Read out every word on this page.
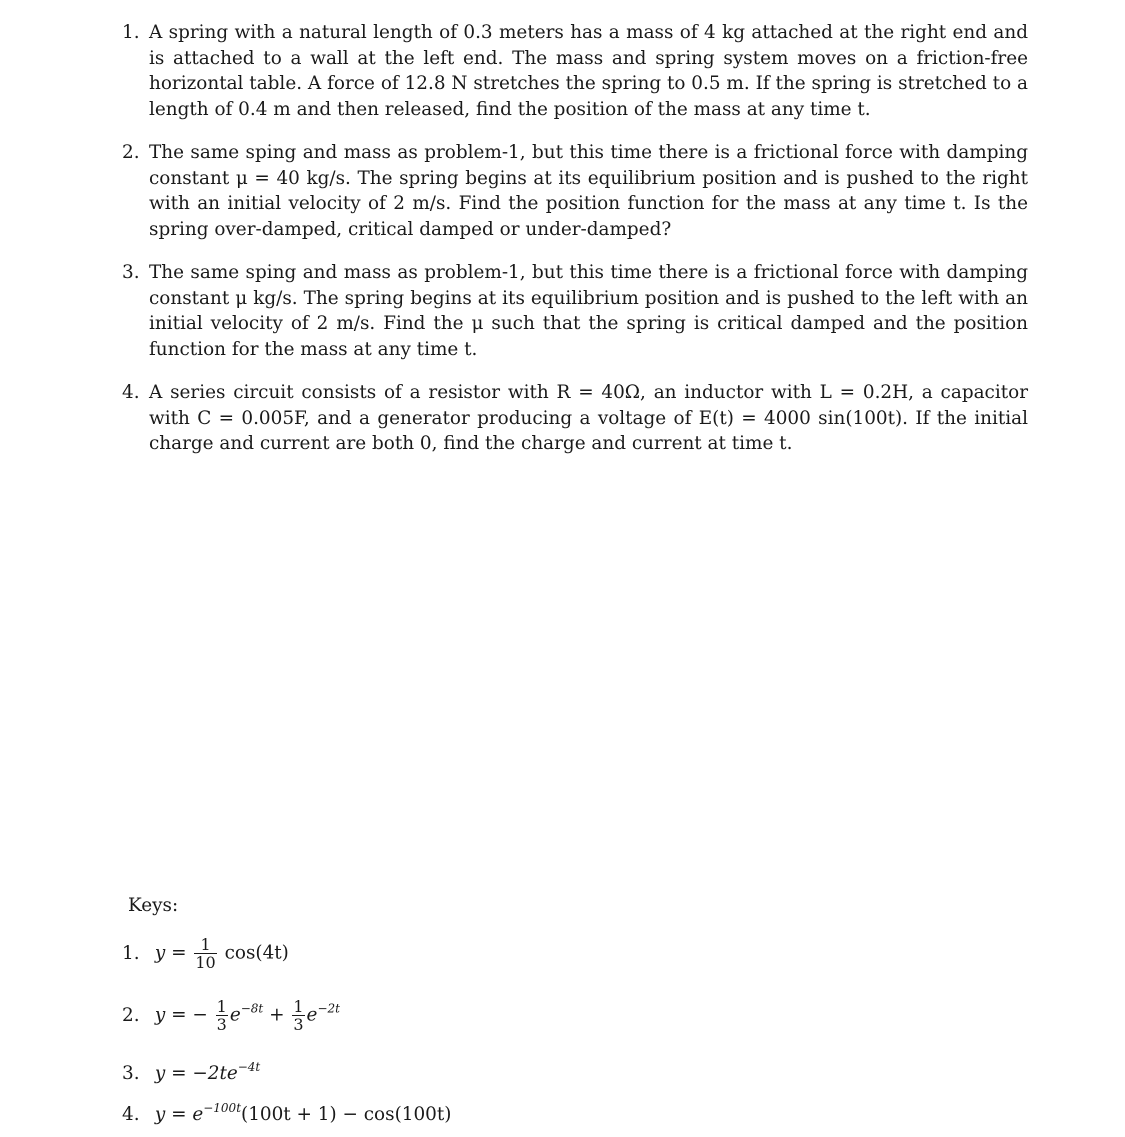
1. A spring with a natural length of 0.3 meters has a mass of 4 kg attached at the right end and is attached to a wall at the left end. The mass and spring system moves on a friction-free horizontal table. A force of 12.8 N stretches the spring to 0.5 m. If the spring is stretched to a length of 0.4 m and then released, find the position of the mass at any time t.
2. The same sping and mass as problem-1, but this time there is a frictional force with damping constant μ = 40 kg/s. The spring begins at its equilibrium position and is pushed to the right with an initial velocity of 2 m/s. Find the position function for the mass at any time t. Is the spring over-damped, critical damped or under-damped?
3. The same sping and mass as problem-1, but this time there is a frictional force with damping constant μ kg/s. The spring begins at its equilibrium position and is pushed to the left with an initial velocity of 2 m/s. Find the μ such that the spring is critical damped and the position function for the mass at any time t.
4. A series circuit consists of a resistor with R = 40Ω, an inductor with L = 0.2H, a capacitor with C = 0.005F, and a generator producing a voltage of E(t) = 4000 sin(100t). If the initial charge and current are both 0, find the charge and current at time t.
Keys:
1. $y = \frac{1}{10} \cos(4t)$
2. y = − $\frac{1}{3} e^{-8t} + \frac{1}{3} e^{-2t}$
3. $y = -2te^{-4t}$
4. $y = e^{-100t}(100t + 1) - \cos(100t)$
